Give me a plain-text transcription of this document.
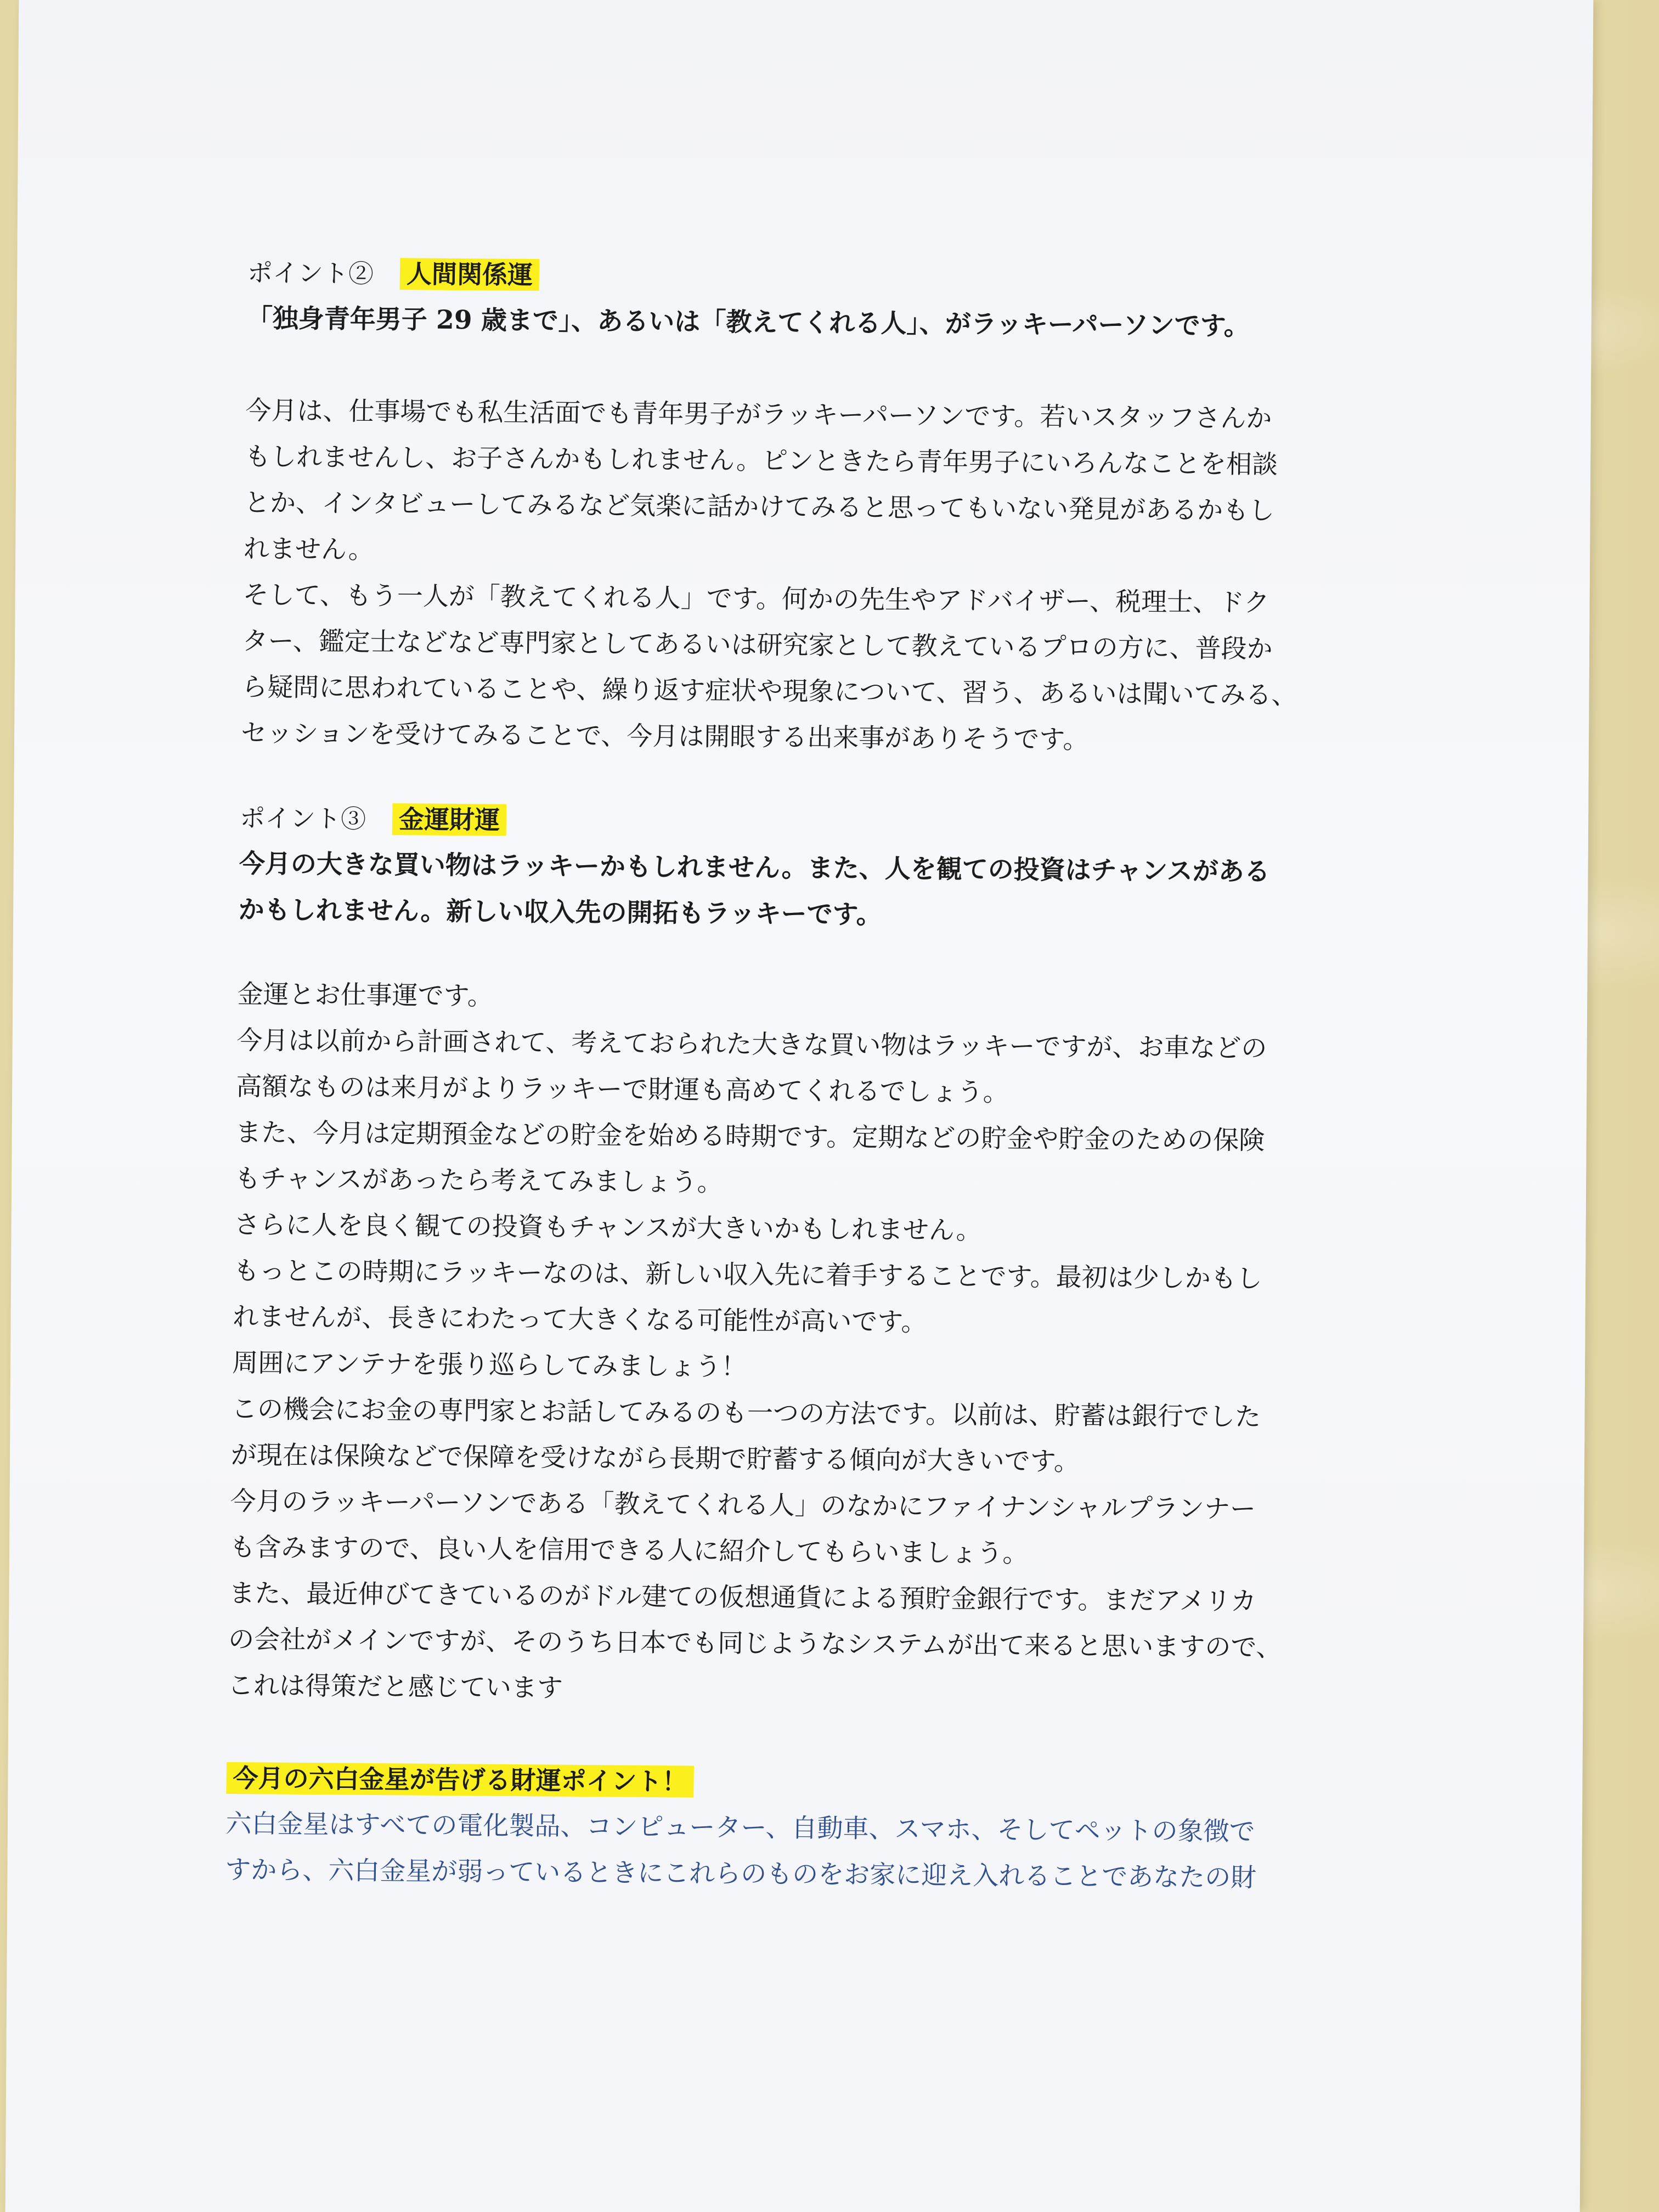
ポイント② 人間関係運

「独身青年男子 29 歳まで」、あるいは「教えてくれる人」、がラッキーパーソンです。

今月は、仕事場でも私生活面でも青年男子がラッキーパーソンです。若いスタッフさんか

もしれませんし、お子さんかもしれません。ピンときたら青年男子にいろんなことを相談

とか、インタビューしてみるなど気楽に話かけてみると思ってもいない発見があるかもし

れません。

そして、もう一人が「教えてくれる人」です。何かの先生やアドバイザー、税理士、ドク

ター、鑑定士などなど専門家としてあるいは研究家として教えているプロの方に、普段か

ら疑問に思われていることや、繰り返す症状や現象について、習う、あるいは聞いてみる、

セッションを受けてみることで、今月は開眼する出来事がありそうです。

ポイント③ 金運財運

今月の大きな買い物はラッキーかもしれません。また、人を観ての投資はチャンスがある

かもしれません。新しい収入先の開拓もラッキーです。

金運とお仕事運です。

今月は以前から計画されて、考えておられた大きな買い物はラッキーですが、お車などの

高額なものは来月がよりラッキーで財運も高めてくれるでしょう。

また、今月は定期預金などの貯金を始める時期です。定期などの貯金や貯金のための保険

もチャンスがあったら考えてみましょう。

さらに人を良く観ての投資もチャンスが大きいかもしれません。

もっとこの時期にラッキーなのは、新しい収入先に着手することです。最初は少しかもし

れませんが、長きにわたって大きくなる可能性が高いです。

周囲にアンテナを張り巡らしてみましょう！

この機会にお金の専門家とお話してみるのも一つの方法です。以前は、貯蓄は銀行でした

が現在は保険などで保障を受けながら長期で貯蓄する傾向が大きいです。

今月のラッキーパーソンである「教えてくれる人」のなかにファイナンシャルプランナー

も含みますので、良い人を信用できる人に紹介してもらいましょう。

また、最近伸びてきているのがドル建ての仮想通貨による預貯金銀行です。まだアメリカ

の会社がメインですが、そのうち日本でも同じようなシステムが出て来ると思いますので、

これは得策だと感じています

今月の六白金星が告げる財運ポイント！

六白金星はすべての電化製品、コンピューター、自動車、スマホ、そしてペットの象徴で

すから、六白金星が弱っているときにこれらのものをお家に迎え入れることであなたの財
